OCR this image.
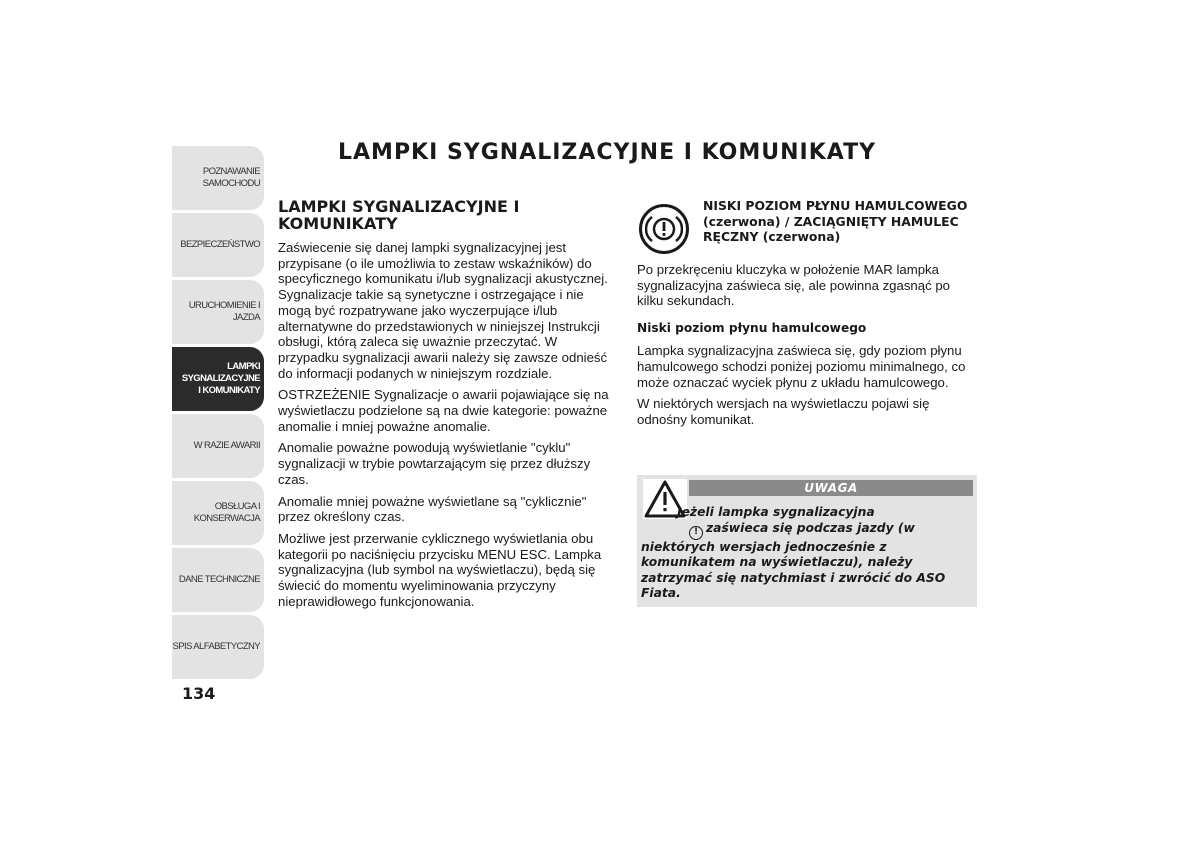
POZNAWANIE
SAMOCHODU
BEZPIECZEŃSTWO
URUCHOMIENIE I
JAZDA
LAMPKI
SYGNALIZACYJNE
I KOMUNIKATY
W RAZIE AWARII
OBSŁUGA I
KONSERWACJA
DANE TECHNICZNE
SPIS ALFABETYCZNY
134
LAMPKI SYGNALIZACYJNE I KOMUNIKATY
LAMPKI SYGNALIZACYJNE I KOMUNIKATY

Zaświecenie się danej lampki sygnalizacyjnej jest przypisane (o ile umożliwia to zestaw wskaźników) do specyficznego komunikatu i/lub sygnalizacji akustycznej. Sygnalizacje takie są synetyczne i ostrzegające i nie mogą być rozpatrywane jako wyczerpujące i/lub alternatywne do przedstawionych w niniejszej Instrukcji obsługi, którą zaleca się uważnie przeczytać. W przypadku sygnalizacji awarii należy się zawsze odnieść do informacji podanych w niniejszym rozdziale.

OSTRZEŻENIE Sygnalizacje o awarii pojawiające się na wyświetlaczu podzielone są na dwie kategorie: poważne anomalie i mniej poważne anomalie.

Anomalie poważne powodują wyświetlanie "cyklu" sygnalizacji w trybie powtarzającym się przez dłuższy czas.

Anomalie mniej poważne wyświetlane są "cyklicznie" przez określony czas.

Możliwe jest przerwanie cyklicznego wyświetlania obu kategorii po naciśnięciu przycisku MENU ESC. Lampka sygnalizacyjna (lub symbol na wyświetlaczu), będą się świecić do momentu wyeliminowania przyczyny nieprawidłowego funkcjonowania.

NISKI POZIOM PŁYNU HAMULCOWEGO (czerwona) / ZACIĄGNIĘTY HAMULEC RĘCZNY (czerwona)

Po przekręceniu kluczyka w położenie MAR lampka sygnalizacyjna zaświeca się, ale powinna zgasnąć po kilku sekundach.

Niski poziom płynu hamulcowego

Lampka sygnalizacyjna zaświeca się, gdy poziom płynu hamulcowego schodzi poniżej poziomu minimalnego, co może oznaczać wyciek płynu z układu hamulcowego.

W niektórych wersjach na wyświetlaczu pojawi się odnośny komunikat.

UWAGA
Jeżeli lampka sygnalizacyjna
! zaświeca się podczas jazdy (w niektórych wersjach jednocześnie z komunikatem na wyświetlaczu), należy zatrzymać się natychmiast i zwrócić do ASO Fiata.
